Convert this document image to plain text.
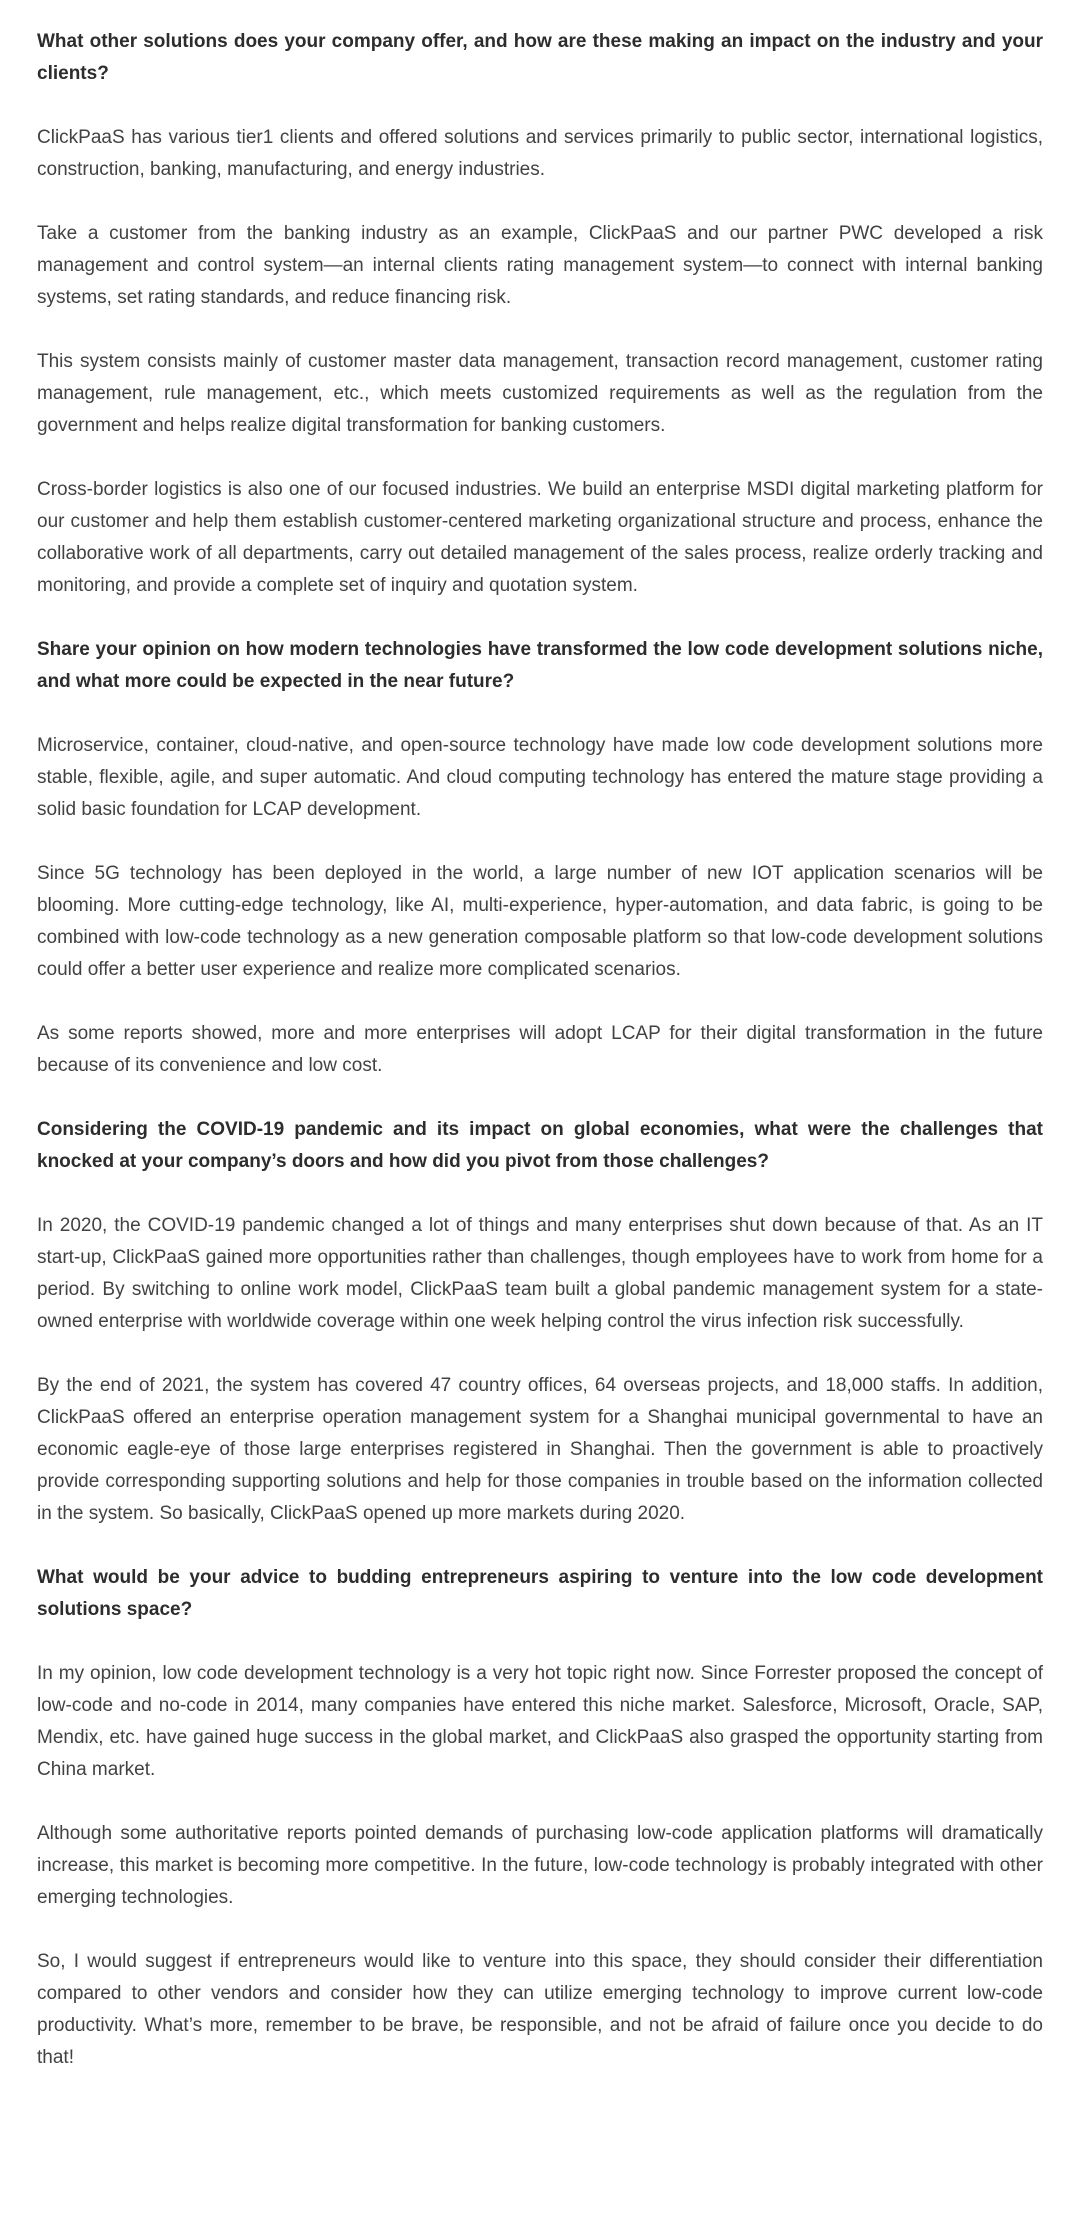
What other solutions does your company offer, and how are these making an impact on the industry and your clients?

ClickPaaS has various tier1 clients and offered solutions and services primarily to public sector, international logistics, construction, banking, manufacturing, and energy industries.

Take a customer from the banking industry as an example, ClickPaaS and our partner PWC developed a risk management and control system—an internal clients rating management system—to connect with internal banking systems, set rating standards, and reduce financing risk.

This system consists mainly of customer master data management, transaction record management, customer rating management, rule management, etc., which meets customized requirements as well as the regulation from the government and helps realize digital transformation for banking customers.

Cross-border logistics is also one of our focused industries. We build an enterprise MSDI digital marketing platform for our customer and help them establish customer-centered marketing organizational structure and process, enhance the collaborative work of all departments, carry out detailed management of the sales process, realize orderly tracking and monitoring, and provide a complete set of inquiry and quotation system.

Share your opinion on how modern technologies have transformed the low code development solutions niche, and what more could be expected in the near future?

Microservice, container, cloud-native, and open-source technology have made low code development solutions more stable, flexible, agile, and super automatic. And cloud computing technology has entered the mature stage providing a solid basic foundation for LCAP development.

Since 5G technology has been deployed in the world, a large number of new IOT application scenarios will be blooming. More cutting-edge technology, like AI, multi-experience, hyper-automation, and data fabric, is going to be combined with low-code technology as a new generation composable platform so that low-code development solutions could offer a better user experience and realize more complicated scenarios.

As some reports showed, more and more enterprises will adopt LCAP for their digital transformation in the future because of its convenience and low cost.

Considering the COVID-19 pandemic and its impact on global economies, what were the challenges that knocked at your company’s doors and how did you pivot from those challenges?

In 2020, the COVID-19 pandemic changed a lot of things and many enterprises shut down because of that. As an IT start-up, ClickPaaS gained more opportunities rather than challenges, though employees have to work from home for a period. By switching to online work model, ClickPaaS team built a global pandemic management system for a state-owned enterprise with worldwide coverage within one week helping control the virus infection risk successfully.

By the end of 2021, the system has covered 47 country offices, 64 overseas projects, and 18,000 staffs. In addition, ClickPaaS offered an enterprise operation management system for a Shanghai municipal governmental to have an economic eagle-eye of those large enterprises registered in Shanghai. Then the government is able to proactively provide corresponding supporting solutions and help for those companies in trouble based on the information collected in the system. So basically, ClickPaaS opened up more markets during 2020.

What would be your advice to budding entrepreneurs aspiring to venture into the low code development solutions space?

In my opinion, low code development technology is a very hot topic right now. Since Forrester proposed the concept of low-code and no-code in 2014, many companies have entered this niche market. Salesforce, Microsoft, Oracle, SAP, Mendix, etc. have gained huge success in the global market, and ClickPaaS also grasped the opportunity starting from China market.

Although some authoritative reports pointed demands of purchasing low-code application platforms will dramatically increase, this market is becoming more competitive. In the future, low-code technology is probably integrated with other emerging technologies.

So, I would suggest if entrepreneurs would like to venture into this space, they should consider their differentiation compared to other vendors and consider how they can utilize emerging technology to improve current low-code productivity. What’s more, remember to be brave, be responsible, and not be afraid of failure once you decide to do that!
